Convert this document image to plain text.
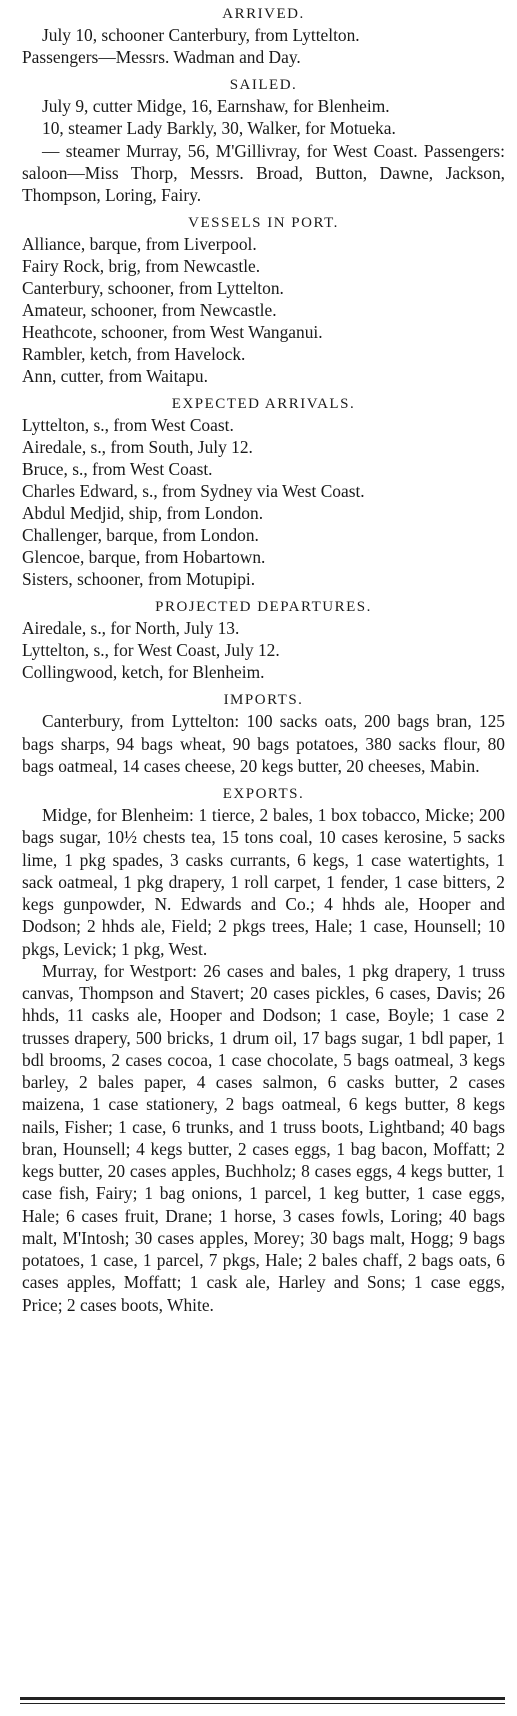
ARRIVED.
July 10, schooner Canterbury, from Lyttelton.
Passengers—Messrs. Wadman and Day.
SAILED.

July 9, cutter Midge, 16, Earnshaw, for Blenheim.

10, steamer Lady Barkly, 30, Walker, for Motueka.

— steamer Murray, 56, M'Gillivray, for West Coast. Passengers: saloon—Miss Thorp, Messrs. Broad, Button, Dawne, Jackson, Thompson, Loring, Fairy.

VESSELS IN PORT.
Alliance, barque, from Liverpool.
Fairy Rock, brig, from Newcastle.
Canterbury, schooner, from Lyttelton.
Amateur, schooner, from Newcastle.
Heathcote, schooner, from West Wanganui.
Rambler, ketch, from Havelock.
Ann, cutter, from Waitapu.
EXPECTED ARRIVALS.
Lyttelton, s., from West Coast.
Airedale, s., from South, July 12.
Bruce, s., from West Coast.
Charles Edward, s., from Sydney via West Coast.
Abdul Medjid, ship, from London.
Challenger, barque, from London.
Glencoe, barque, from Hobartown.
Sisters, schooner, from Motupipi.
PROJECTED DEPARTURES.
Airedale, s., for North, July 13.
Lyttelton, s., for West Coast, July 12.
Collingwood, ketch, for Blenheim.
IMPORTS.

Canterbury, from Lyttelton: 100 sacks oats, 200 bags bran, 125 bags sharps, 94 bags wheat, 90 bags potatoes, 380 sacks flour, 80 bags oatmeal, 14 cases cheese, 20 kegs butter, 20 cheeses, Mabin.

EXPORTS.

Midge, for Blenheim: 1 tierce, 2 bales, 1 box tobacco, Micke; 200 bags sugar, 10½ chests tea, 15 tons coal, 10 cases kerosine, 5 sacks lime, 1 pkg spades, 3 casks currants, 6 kegs, 1 case watertights, 1 sack oatmeal, 1 pkg drapery, 1 roll carpet, 1 fender, 1 case bitters, 2 kegs gunpowder, N. Edwards and Co.; 4 hhds ale, Hooper and Dodson; 2 hhds ale, Field; 2 pkgs trees, Hale; 1 case, Hounsell; 10 pkgs, Levick; 1 pkg, West.

Murray, for Westport: 26 cases and bales, 1 pkg drapery, 1 truss canvas, Thompson and Stavert; 20 cases pickles, 6 cases, Davis; 26 hhds, 11 casks ale, Hooper and Dodson; 1 case, Boyle; 1 case 2 trusses drapery, 500 bricks, 1 drum oil, 17 bags sugar, 1 bdl paper, 1 bdl brooms, 2 cases cocoa, 1 case chocolate, 5 bags oatmeal, 3 kegs barley, 2 bales paper, 4 cases salmon, 6 casks butter, 2 cases maizena, 1 case stationery, 2 bags oatmeal, 6 kegs butter, 8 kegs nails, Fisher; 1 case, 6 trunks, and 1 truss boots, Lightband; 40 bags bran, Hounsell; 4 kegs butter, 2 cases eggs, 1 bag bacon, Moffatt; 2 kegs butter, 20 cases apples, Buchholz; 8 cases eggs, 4 kegs butter, 1 case fish, Fairy; 1 bag onions, 1 parcel, 1 keg butter, 1 case eggs, Hale; 6 cases fruit, Drane; 1 horse, 3 cases fowls, Loring; 40 bags malt, M'Intosh; 30 cases apples, Morey; 30 bags malt, Hogg; 9 bags potatoes, 1 case, 1 parcel, 7 pkgs, Hale; 2 bales chaff, 2 bags oats, 6 cases apples, Moffatt; 1 cask ale, Harley and Sons; 1 case eggs, Price; 2 cases boots, White.
